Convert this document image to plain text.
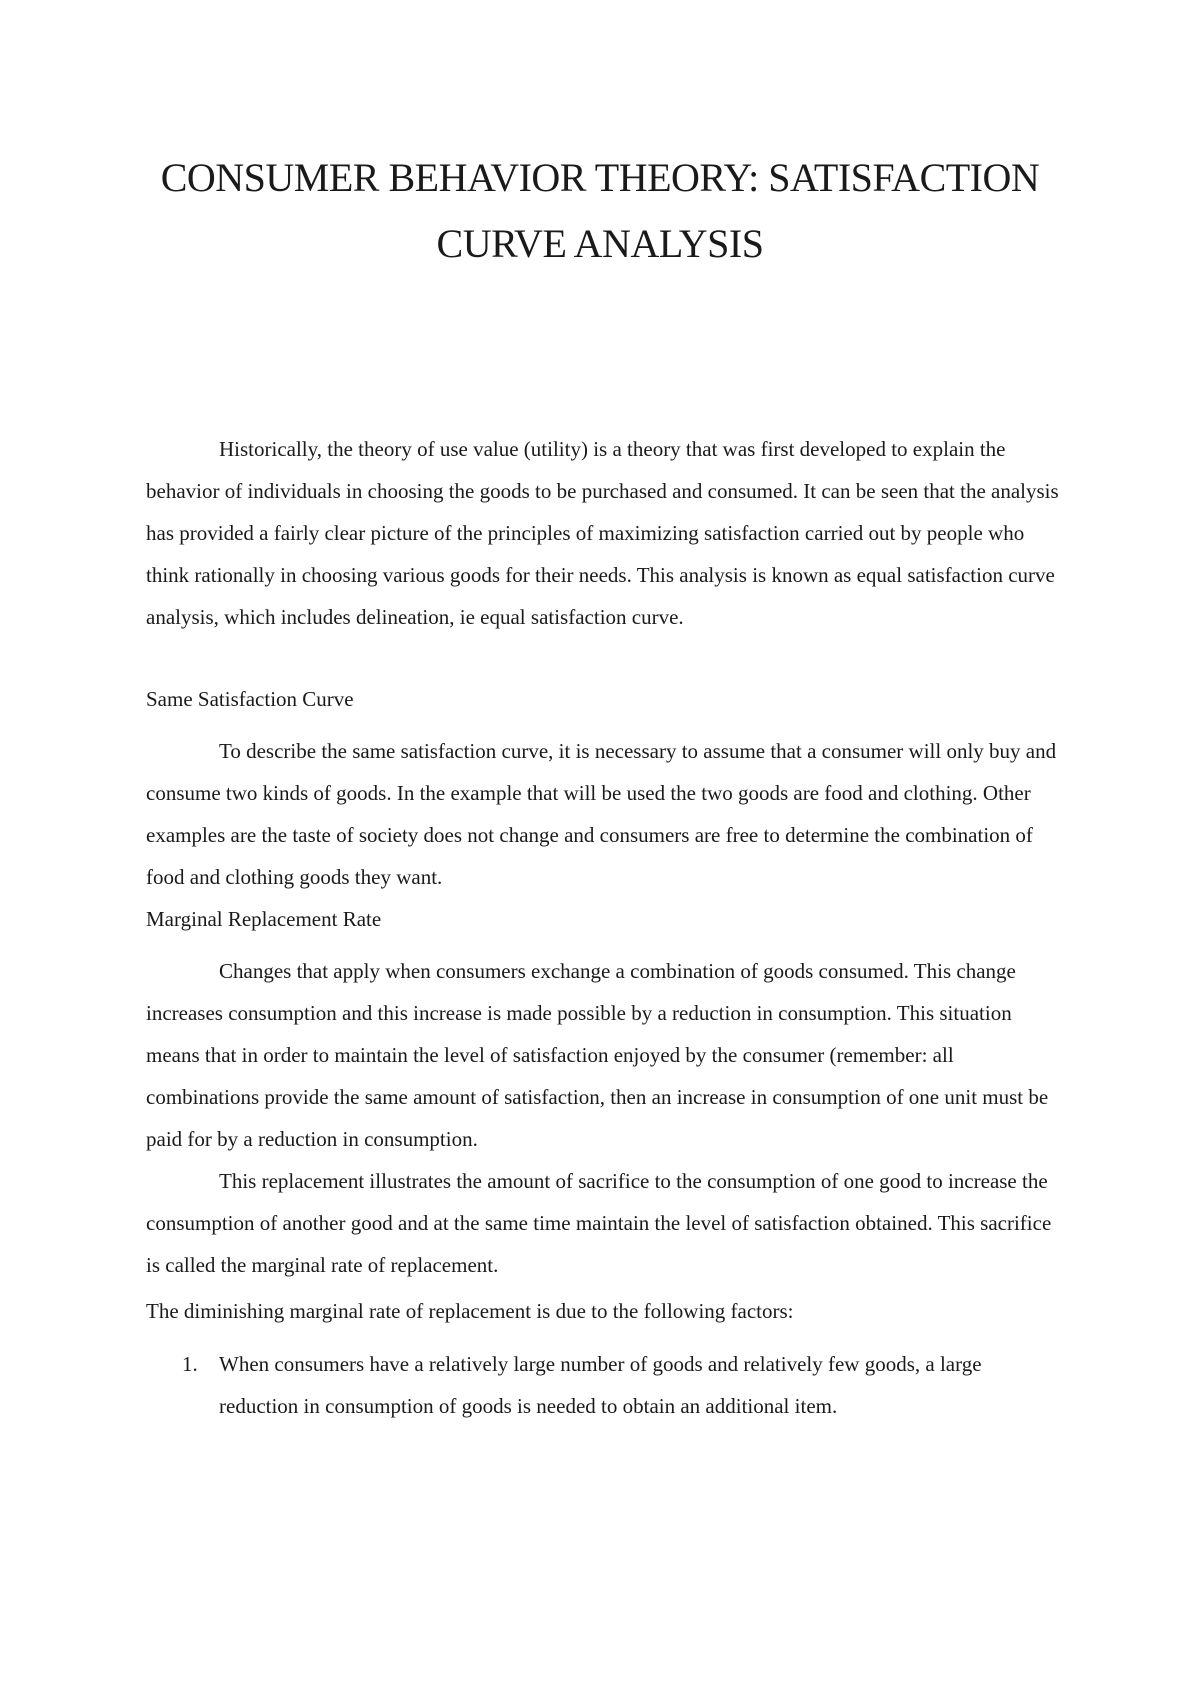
CONSUMER BEHAVIOR THEORY: SATISFACTION
CURVE ANALYSIS

Historically, the theory of use value (utility) is a theory that was first developed to explain the behavior of individuals in choosing the goods to be purchased and consumed. It can be seen that the analysis has provided a fairly clear picture of the principles of maximizing satisfaction carried out by people who think rationally in choosing various goods for their needs. This analysis is known as equal satisfaction curve analysis, which includes delineation, ie equal satisfaction curve.

Same Satisfaction Curve

To describe the same satisfaction curve, it is necessary to assume that a consumer will only buy and consume two kinds of goods. In the example that will be used the two goods are food and clothing. Other examples are the taste of society does not change and consumers are free to determine the combination of food and clothing goods they want.

Marginal Replacement Rate

Changes that apply when consumers exchange a combination of goods consumed. This change increases consumption and this increase is made possible by a reduction in consumption. This situation means that in order to maintain the level of satisfaction enjoyed by the consumer (remember: all combinations provide the same amount of satisfaction, then an increase in consumption of one unit must be paid for by a reduction in consumption.

This replacement illustrates the amount of sacrifice to the consumption of one good to increase the consumption of another good and at the same time maintain the level of satisfaction obtained. This sacrifice is called the marginal rate of replacement.

The diminishing marginal rate of replacement is due to the following factors:

1. When consumers have a relatively large number of goods and relatively few goods, a large reduction in consumption of goods is needed to obtain an additional item.
